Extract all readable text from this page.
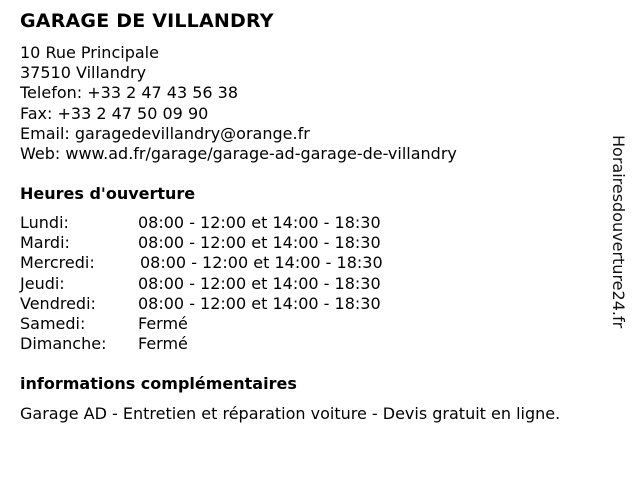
GARAGE DE VILLANDRY
10 Rue Principale
37510 Villandry
Telefon: +33 2 47 43 56 38
Fax: +33 2 47 50 09 90
Email: garagedevillandry@orange.fr
Web: www.ad.fr/garage/garage-ad-garage-de-villandry
Heures d'ouverture
Lundi:	08:00 - 12:00 et 14:00 - 18:30
Mardi:	08:00 - 12:00 et 14:00 - 18:30
Mercredi:	08:00 - 12:00 et 14:00 - 18:30
Jeudi:	08:00 - 12:00 et 14:00 - 18:30
Vendredi:	08:00 - 12:00 et 14:00 - 18:30
Samedi:	Fermé
Dimanche: Fermé
informations complémentaires
Garage AD - Entretien et réparation voiture - Devis gratuit en ligne.
Horairesdouverture24.fr
